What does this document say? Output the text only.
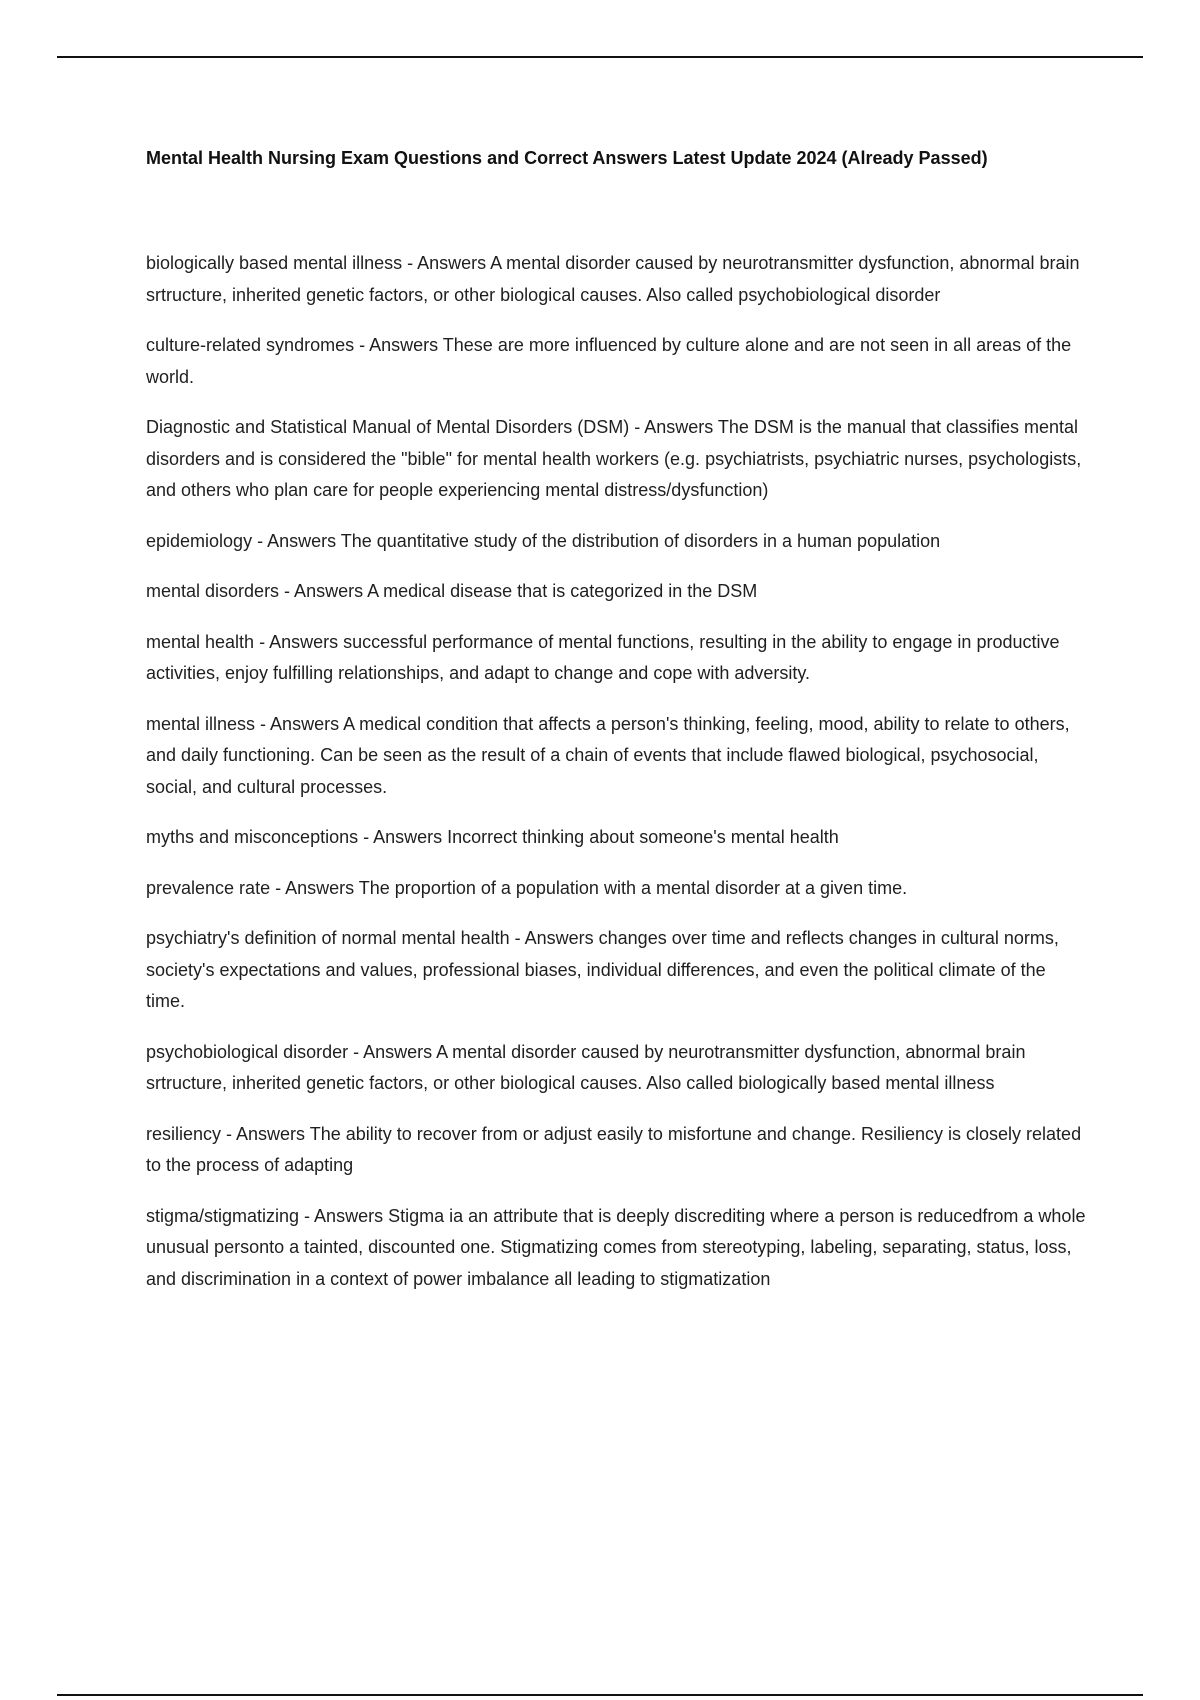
Mental Health Nursing Exam Questions and Correct Answers Latest Update 2024 (Already Passed)
biologically based mental illness - Answers A mental disorder caused by neurotransmitter dysfunction, abnormal brain srtructure, inherited genetic factors, or other biological causes. Also called psychobiological disorder
culture-related syndromes - Answers These are more influenced by culture alone and are not seen in all areas of the world.
Diagnostic and Statistical Manual of Mental Disorders (DSM) - Answers The DSM is the manual that classifies mental disorders and is considered the "bible" for mental health workers (e.g. psychiatrists, psychiatric nurses, psychologists, and others who plan care for people experiencing mental distress/dysfunction)
epidemiology - Answers The quantitative study of the distribution of disorders in a human population
mental disorders - Answers A medical disease that is categorized in the DSM
mental health - Answers successful performance of mental functions, resulting in the ability to engage in productive activities, enjoy fulfilling relationships, and adapt to change and cope with adversity.
mental illness - Answers A medical condition that affects a person's thinking, feeling, mood, ability to relate to others, and daily functioning. Can be seen as the result of a chain of events that include flawed biological, psychosocial, social, and cultural processes.
myths and misconceptions - Answers Incorrect thinking about someone's mental health
prevalence rate - Answers The proportion of a population with a mental disorder at a given time.
psychiatry's definition of normal mental health - Answers changes over time and reflects changes in cultural norms, society's expectations and values, professional biases, individual differences, and even the political climate of the time.
psychobiological disorder - Answers A mental disorder caused by neurotransmitter dysfunction, abnormal brain srtructure, inherited genetic factors, or other biological causes. Also called biologically based mental illness
resiliency - Answers The ability to recover from or adjust easily to misfortune and change. Resiliency is closely related to the process of adapting
stigma/stigmatizing - Answers Stigma ia an attribute that is deeply discrediting where a person is reducedfrom a whole unusual personto a tainted, discounted one. Stigmatizing comes from stereotyping, labeling, separating, status, loss, and discrimination in a context of power imbalance all leading to stigmatization
